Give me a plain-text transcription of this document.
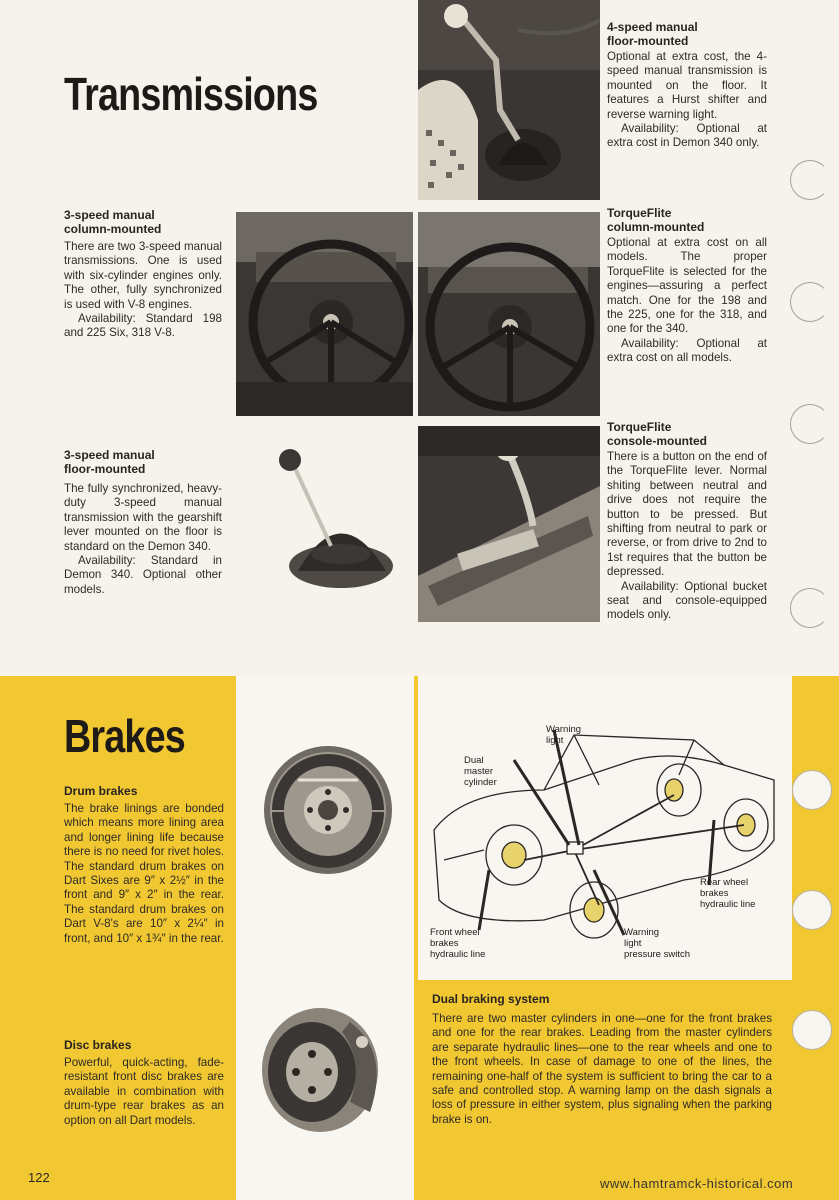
Transmissions
4-speed manual
floor-mounted
Optional at extra cost, the 4-speed manual transmission is mounted on the floor. It features a Hurst shifter and reverse warning light.
Availability: Optional at extra cost in Demon 340 only.
3-speed manual
column-mounted
There are two 3-speed manual transmissions. One is used with six-cylinder engines only. The other, fully synchronized is used with V-8 engines.
Availability: Standard 198 and 225 Six, 318 V-8.
TorqueFlite
column-mounted
Optional at extra cost on all models. The proper TorqueFlite is selected for the engines—assuring a perfect match. One for the 198 and the 225, one for the 318, and one for the 340.
Availability: Optional at extra cost on all models.
3-speed manual
floor-mounted
The fully synchronized, heavy-duty 3-speed manual transmission with the gearshift lever mounted on the floor is standard on the Demon 340.
Availability: Standard in Demon 340. Optional other models.
TorqueFlite
console-mounted
There is a button on the end of the TorqueFlite lever. Normal shiting between neutral and drive does not require the button to be pressed. But shifting from neutral to park or reverse, or from drive to 2nd to 1st requires that the button be depressed.
Availability: Optional bucket seat and console-equipped models only.
Brakes
Drum brakes
The brake linings are bonded which means more lining area and longer lining life because there is no need for rivet holes. The standard drum brakes on Dart Sixes are 9″ x 2½″ in the front and 9″ x 2″ in the rear. The standard drum brakes on Dart V-8's are 10″ x 2¼″ in front, and 10″ x 1¾″ in the rear.
Disc brakes
Powerful, quick-acting, fade-resistant front disc brakes are available in combination with drum-type rear brakes as an option on all Dart models.
Warning
light
Dual
master
cylinder
Rear wheel
brakes
hydraulic line
Front wheel
brakes
hydraulic line
Warning
light
pressure switch
Dual braking system
There are two master cylinders in one—one for the front brakes and one for the rear brakes. Leading from the master cylinders are separate hydraulic lines—one to the rear wheels and one to the front wheels. In case of damage to one of the lines, the remaining one-half of the system is sufficient to bring the car to a safe and controlled stop. A warning lamp on the dash signals a loss of pressure in either system, plus signaling when the parking brake is on.
122	www.hamtramck-historical.com
